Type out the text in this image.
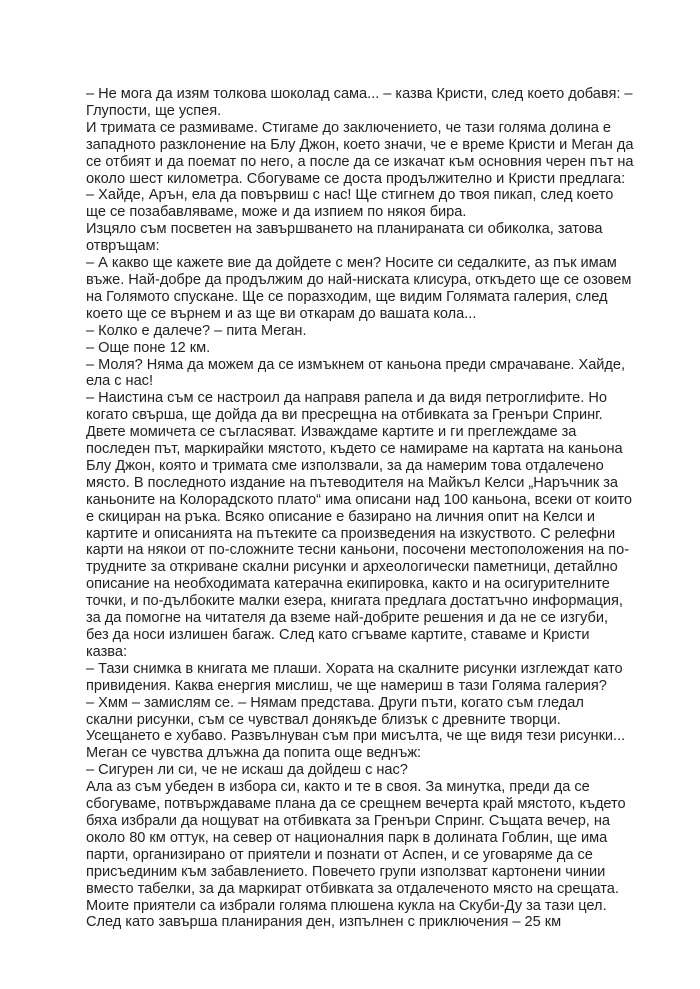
– Не мога да изям толкова шоколад сама... – казва Кристи, след което добавя: –
Глупости, ще успея.
И тримата се размиваме. Стигаме до заключението, че тази голяма долина е
западното разклонение на Блу Джон, което значи, че е време Кристи и Меган да
се отбият и да поемат по него, а после да се изкачат към основния черен път на
около шест километра. Сбогуваме се доста продължително и Кристи предлага:
– Хайде, Арън, ела да повървиш с нас! Ще стигнем до твоя пикап, след което
ще се позабавляваме, може и да изпием по някоя бира.
Изцяло съм посветен на завършването на планираната си обиколка, затова
отвръщам:
– А какво ще кажете вие да дойдете с мен? Носите си седалките, аз пък имам
въже. Най-добре да продължим до най-ниската клисура, откъдето ще се озовем
на Голямото спускане. Ще се поразходим, ще видим Голямата галерия, след
което ще се върнем и аз ще ви откарам до вашата кола...
– Колко е далече? – пита Меган.
– Още поне 12 км.
– Моля? Няма да можем да се измъкнем от каньона преди смрачаване. Хайде,
ела с нас!
– Наистина съм се настроил да направя рапела и да видя петроглифите. Но
когато свърша, ще дойда да ви пресрещна на отбивката за Гренъри Спринг.
Двете момичета се съгласяват. Изваждаме картите и ги преглеждаме за
последен път, маркирайки мястото, където се намираме на картата на каньона
Блу Джон, която и тримата сме използвали, за да намерим това отдалечено
място. В последното издание на пътеводителя на Майкъл Келси „Наръчник за
каньоните на Колорадското плато“ има описани над 100 каньона, всеки от които
е скициран на ръка. Всяко описание е базирано на личния опит на Келси и
картите и описанията на пътеките са произведения на изкуството. С релефни
карти на някои от по-сложните тесни каньони, посочени местоположения на по-
трудните за откриване скални рисунки и археологически паметници, детайлно
описание на необходимата катерачна екипировка, както и на осигурителните
точки, и по-дълбоките малки езера, книгата предлага достатъчно информация,
за да помогне на читателя да вземе най-добрите решения и да не се изгуби,
без да носи излишен багаж. След като сгъваме картите, ставаме и Кристи
казва:
– Тази снимка в книгата ме плаши. Хората на скалните рисунки изглеждат като
привидения. Каква енергия мислиш, че ще намериш в тази Голяма галерия?
– Хмм – замислям се. – Нямам представа. Други пъти, когато съм гледал
скални рисунки, съм се чувствал донякъде близък с древните творци.
Усещането е хубаво. Развълнуван съм при мисълта, че ще видя тези рисунки...
Меган се чувства длъжна да попита още веднъж:
– Сигурен ли си, че не искаш да дойдеш с нас?
Ала аз съм убеден в избора си, както и те в своя. За минутка, преди да се
сбогуваме, потвърждаваме плана да се срещнем вечерта край мястото, където
бяха избрали да нощуват на отбивката за Гренъри Спринг. Същата вечер, на
около 80 км оттук, на север от националния парк в долината Гоблин, ще има
парти, организирано от приятели и познати от Аспен, и се уговаряме да се
присъединим към забавлението. Повечето групи използват картонени чинии
вместо табелки, за да маркират отбивката за отдалеченото място на срещата.
Моите приятели са избрали голяма плюшена кукла на Скуби-Ду за тази цел.
След като завърша планирания ден, изпълнен с приключения – 25 км
